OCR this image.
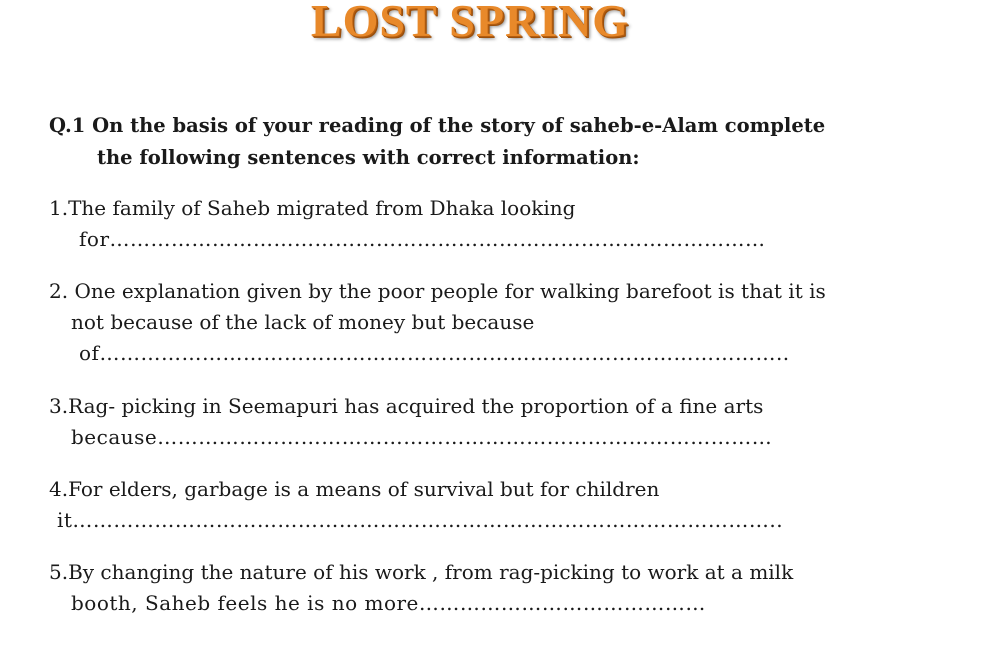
LOST SPRING
Q.1 On the basis of your reading of the story of saheb-e-Alam complete
the following sentences with correct information:
1.The family of Saheb migrated from Dhaka looking
for……………………………………………………………………………………
2. One explanation given by the poor people for walking barefoot is that it is
not because of the lack of money but because
of………………………………………………………………………………………..
3.Rag- picking in Seemapuri has acquired the proportion of a fine arts
because………………………………………………………………………………
4.For elders, garbage is a means of survival but for children
it…………………………………………………………………………………………..
5.By changing the nature of his work , from rag-picking to work at a milk
booth, Saheb feels he is no more……………………………………
